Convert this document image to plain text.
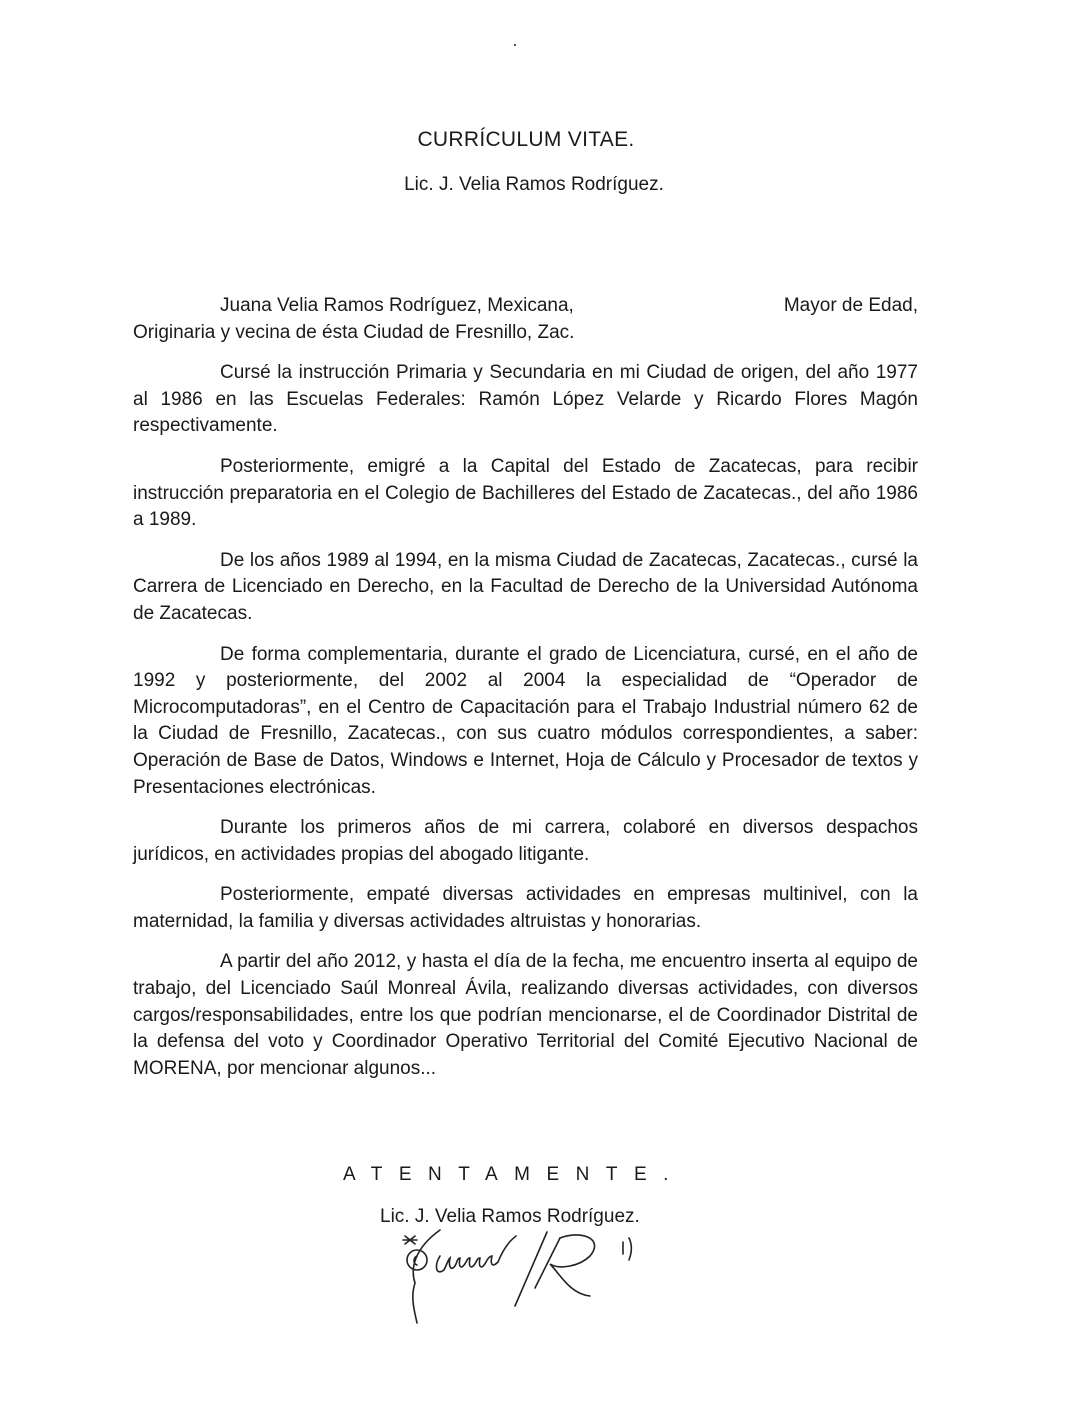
CURRÍCULUM VITAE.
Lic. J. Velia Ramos Rodríguez.
Juana Velia Ramos Rodríguez, Mexicana,	Mayor de Edad,
Originaria y vecina de ésta Ciudad de Fresnillo, Zac.

Cursé la instrucción Primaria y Secundaria en mi Ciudad de origen, del año 1977 al 1986 en las Escuelas Federales: Ramón López Velarde y Ricardo Flores Magón respectivamente.

Posteriormente, emigré a la Capital del Estado de Zacatecas, para recibir instrucción preparatoria en el Colegio de Bachilleres del Estado de Zacatecas., del año 1986 a 1989.

De los años 1989 al 1994, en la misma Ciudad de Zacatecas, Zacatecas., cursé la Carrera de Licenciado en Derecho, en la Facultad de Derecho de la Universidad Autónoma de Zacatecas.

De forma complementaria, durante el grado de Licenciatura, cursé, en el año de 1992 y posteriormente, del 2002 al 2004 la especialidad de “Operador de Microcomputadoras”, en el Centro de Capacitación para el Trabajo Industrial número 62 de la Ciudad de Fresnillo, Zacatecas., con sus cuatro módulos correspondientes, a saber: Operación de Base de Datos, Windows e Internet, Hoja de Cálculo y Procesador de textos y Presentaciones electrónicas.

Durante los primeros años de mi carrera, colaboré en diversos despachos jurídicos, en actividades propias del abogado litigante.

Posteriormente, empaté diversas actividades en empresas multinivel, con la maternidad, la familia y diversas actividades altruistas y honorarias.

A partir del año 2012, y hasta el día de la fecha, me encuentro inserta al equipo de trabajo, del Licenciado Saúl Monreal Ávila, realizando diversas actividades, con diversos cargos/responsabilidades, entre los que podrían mencionarse, el de Coordinador Distrital de la defensa del voto y Coordinador Operativo Territorial del Comité Ejecutivo Nacional de MORENA, por mencionar algunos...

ATENTAMENTE.
Lic. J. Velia Ramos Rodríguez.
